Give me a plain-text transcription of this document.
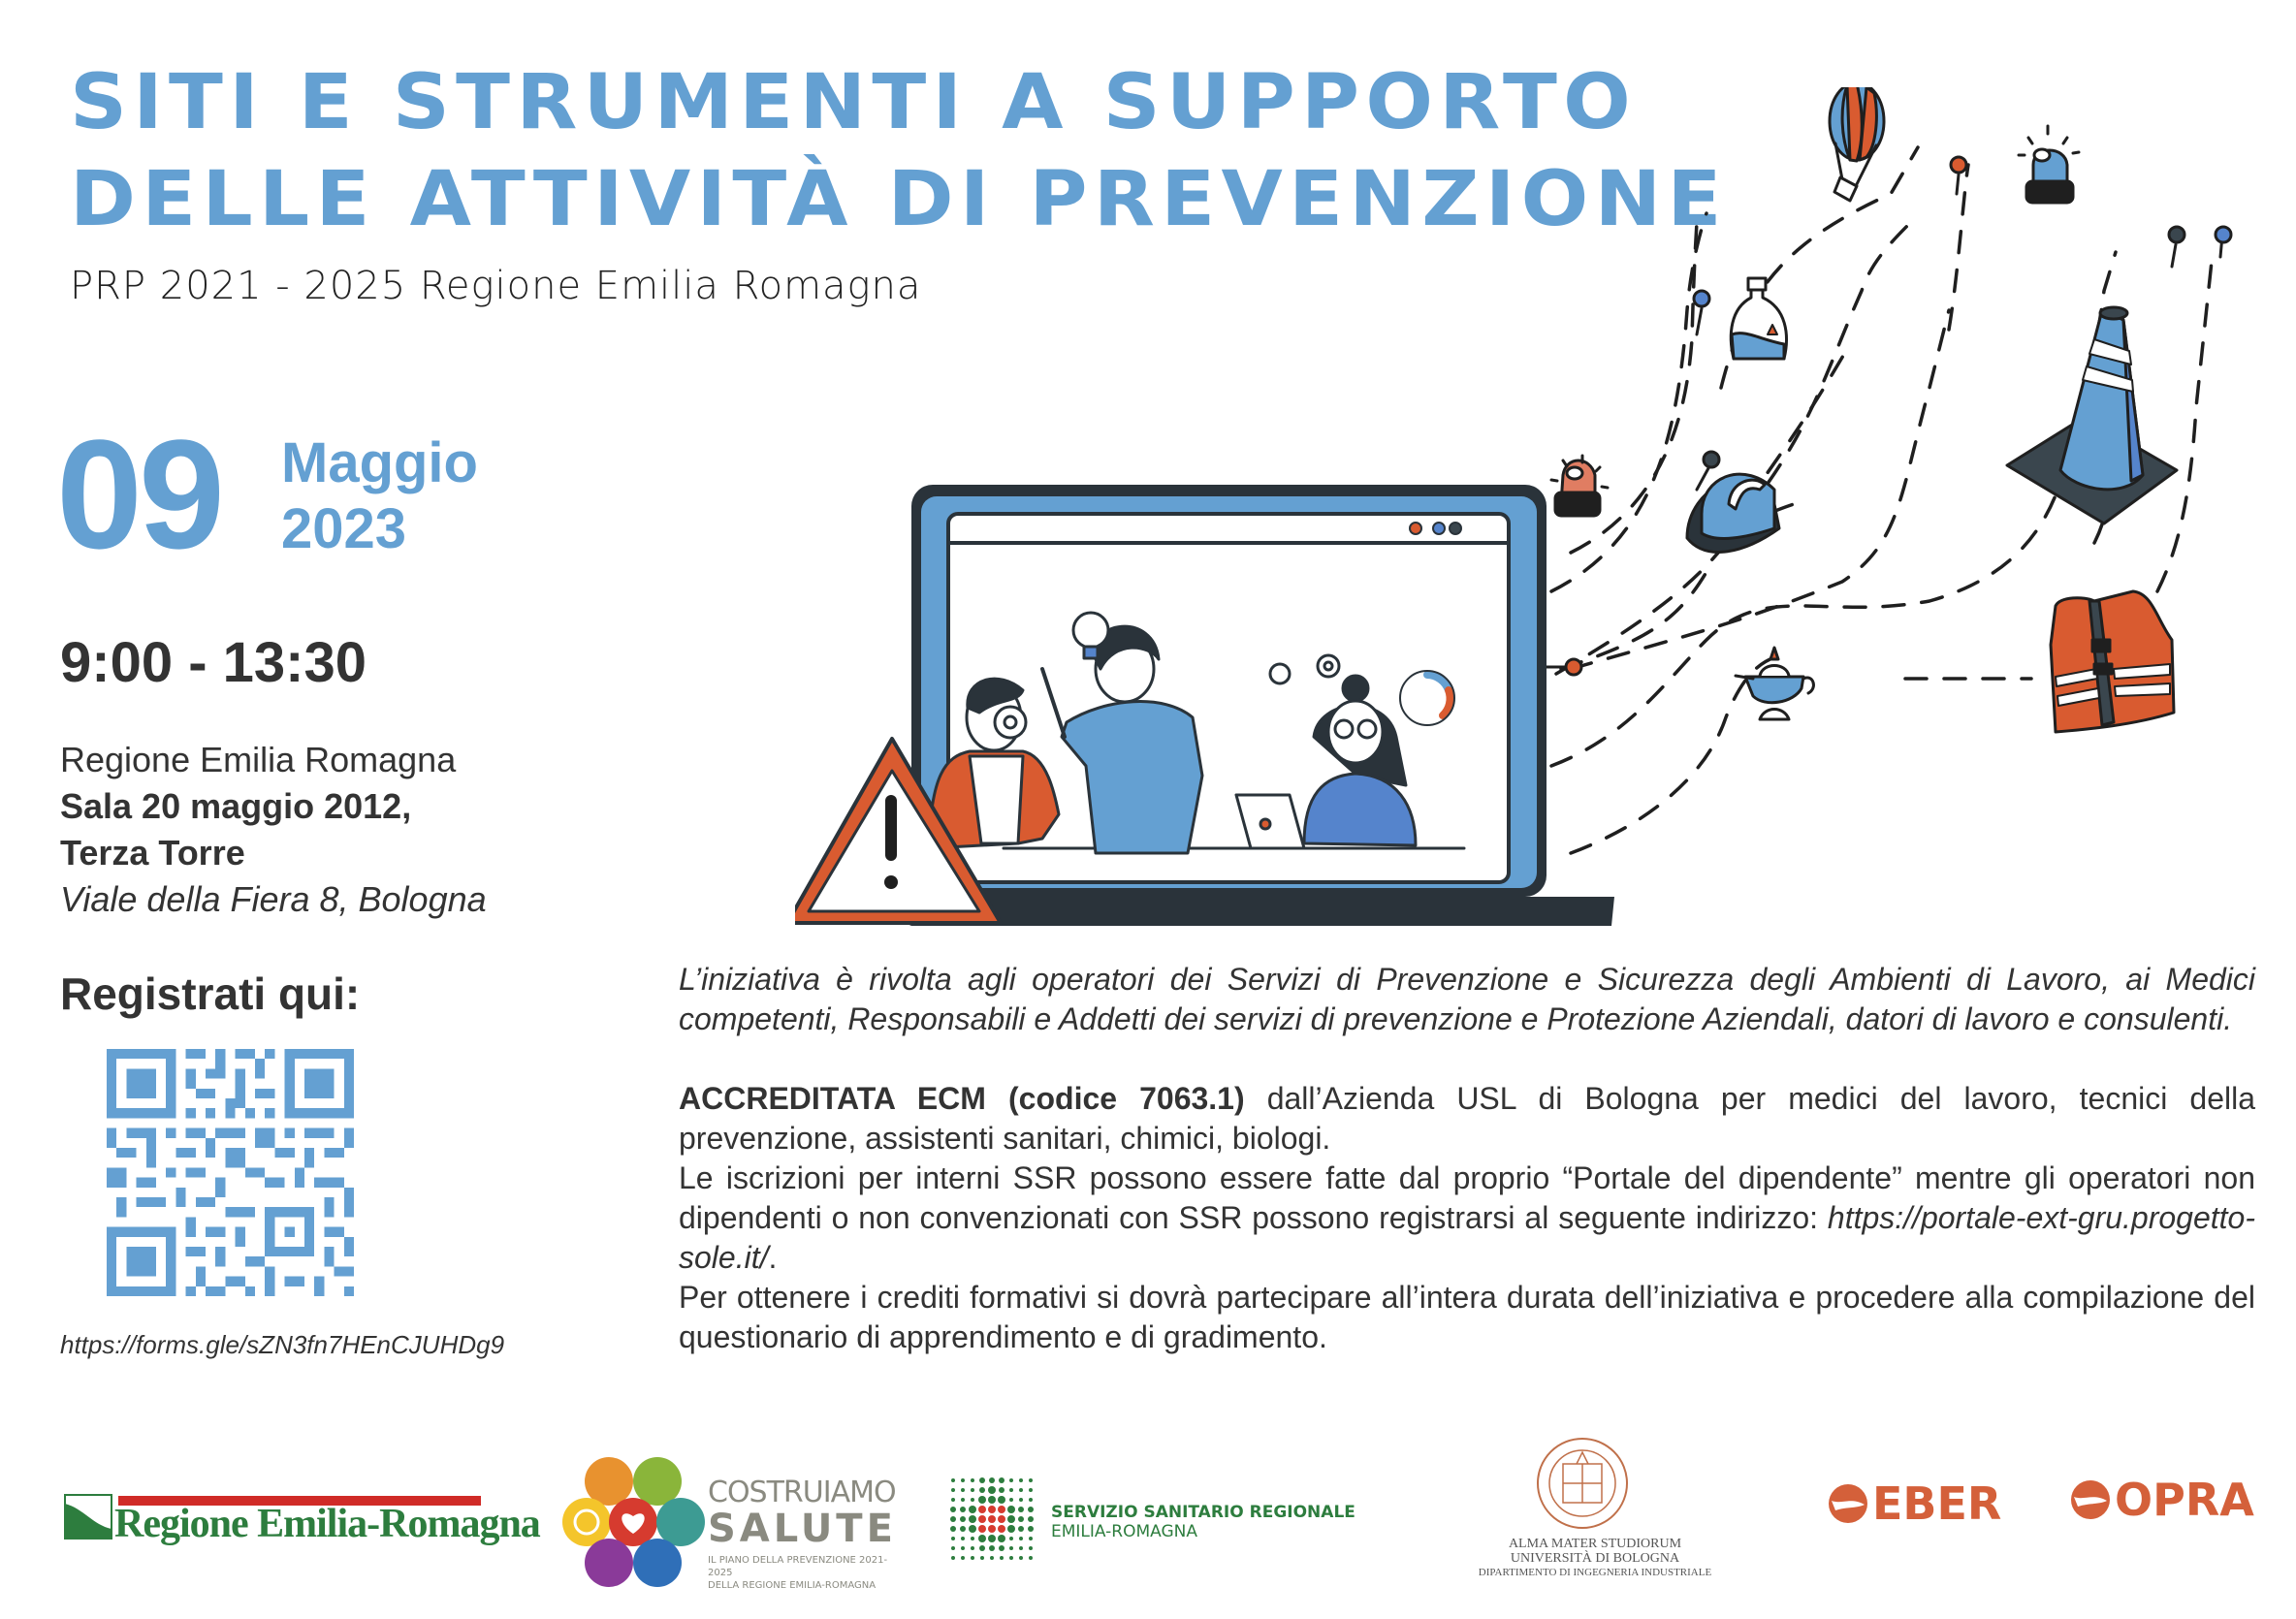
SITI E STRUMENTI A SUPPORTO
DELLE ATTIVITÀ DI PREVENZIONE
PRP 2021 - 2025 Regione Emilia Romagna
09 Maggio
2023
9:00 - 13:30
Regione Emilia Romagna
Sala 20 maggio 2012,
Terza Torre
Viale della Fiera 8, Bologna
Registrati qui:
https://forms.gle/sZN3fn7HEnCJUHDg9

L’iniziativa è rivolta agli operatori dei Servizi di Prevenzione e Sicurezza degli Ambienti di Lavoro, ai Medici competenti, Responsabili e Addetti dei servizi di prevenzione e Protezione Aziendali, datori di lavoro e consulenti.

ACCREDITATA ECM (codice 7063.1) dall’Azienda USL di Bologna per medici del lavoro, tecnici della prevenzione, assistenti sanitari, chimici, biologi.

Le iscrizioni per interni SSR possono essere fatte dal proprio “Portale del dipendente” mentre gli operatori non dipendenti o non convenzionati con SSR possono registrarsi al seguente indirizzo: https://portale-ext-gru.progetto-sole.it/.

Per ottenere i crediti formativi si dovrà partecipare all’intera durata dell’iniziativa e procedere alla compilazione del questionario di apprendimento e di gradimento.

Regione Emilia-Romagna
COSTRUIAMO
SALUTE
IL PIANO DELLA PREVENZIONE 2021-2025
DELLA REGIONE EMILIA-ROMAGNA
SERVIZIO SANITARIO REGIONALE
EMILIA-ROMAGNA
ALMA MATER STUDIORUM
UNIVERSITÀ DI BOLOGNA
DIPARTIMENTO DI INGEGNERIA INDUSTRIALE
EBER	OPRA
